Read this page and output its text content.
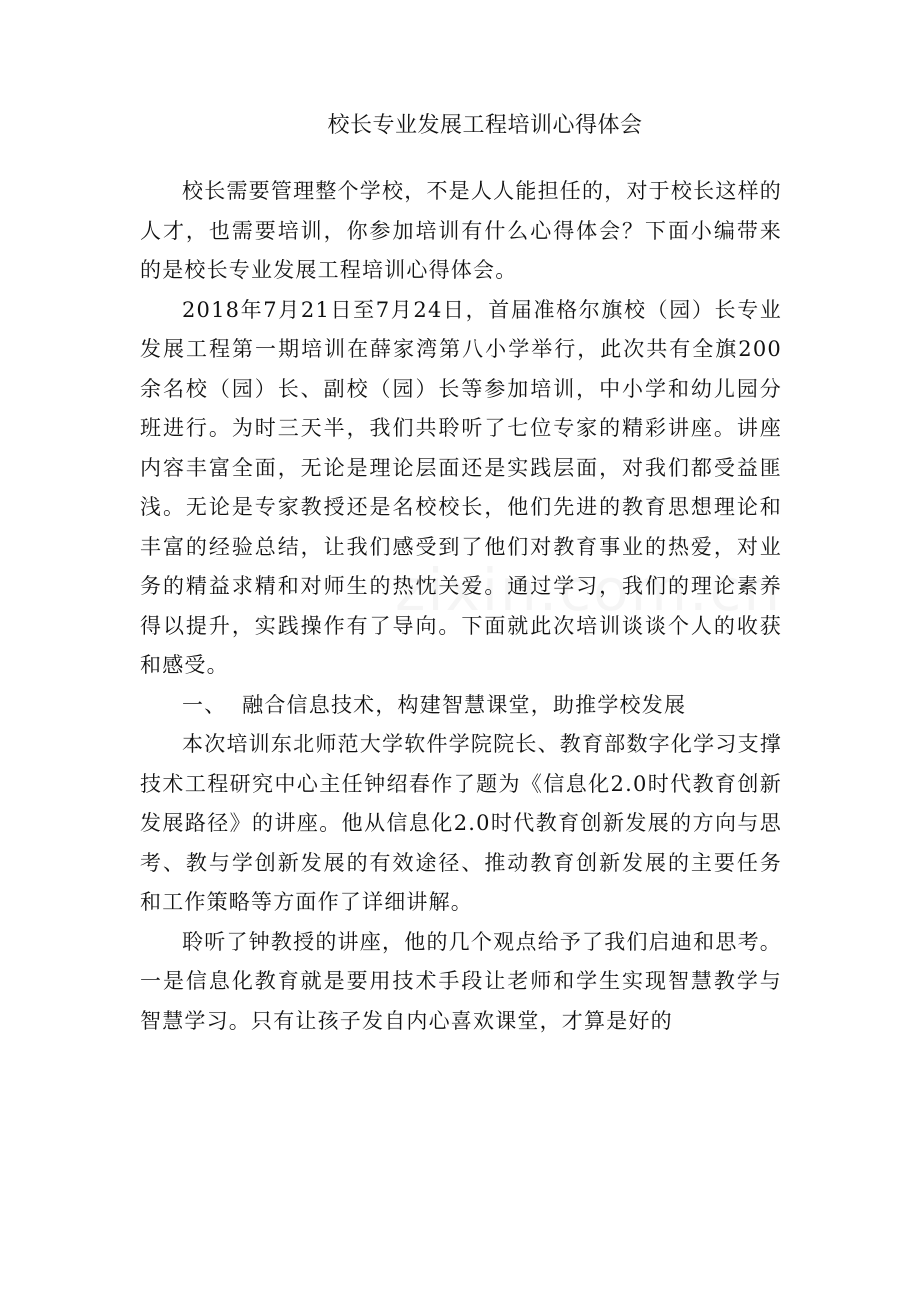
校长专业发展工程培训心得体会

校长需要管理整个学校，不是人人能担任的，对于校长这样的人才，也需要培训，你参加培训有什么心得体会？下面小编带来的是校长专业发展工程培训心得体会。

2018年7月21日至7月24日，首届准格尔旗校（园）长专业发展工程第一期培训在薛家湾第八小学举行，此次共有全旗200余名校（园）长、副校（园）长等参加培训，中小学和幼儿园分班进行。为时三天半，我们共聆听了七位专家的精彩讲座。讲座内容丰富全面，无论是理论层面还是实践层面，对我们都受益匪浅。无论是专家教授还是名校校长，他们先进的教育思想理论和丰富的经验总结，让我们感受到了他们对教育事业的热爱，对业务的精益求精和对师生的热忱关爱。通过学习，我们的理论素养得以提升，实践操作有了导向。下面就此次培训谈谈个人的收获和感受。

一、  融合信息技术，构建智慧课堂，助推学校发展

本次培训东北师范大学软件学院院长、教育部数字化学习支撑技术工程研究中心主任钟绍春作了题为《信息化2.0时代教育创新发展路径》的讲座。他从信息化2.0时代教育创新发展的方向与思考、教与学创新发展的有效途径、推动教育创新发展的主要任务和工作策略等方面作了详细讲解。

聆听了钟教授的讲座，他的几个观点给予了我们启迪和思考。一是信息化教育就是要用技术手段让老师和学生实现智慧教学与智慧学习。只有让孩子发自内心喜欢课堂，才算是好的
